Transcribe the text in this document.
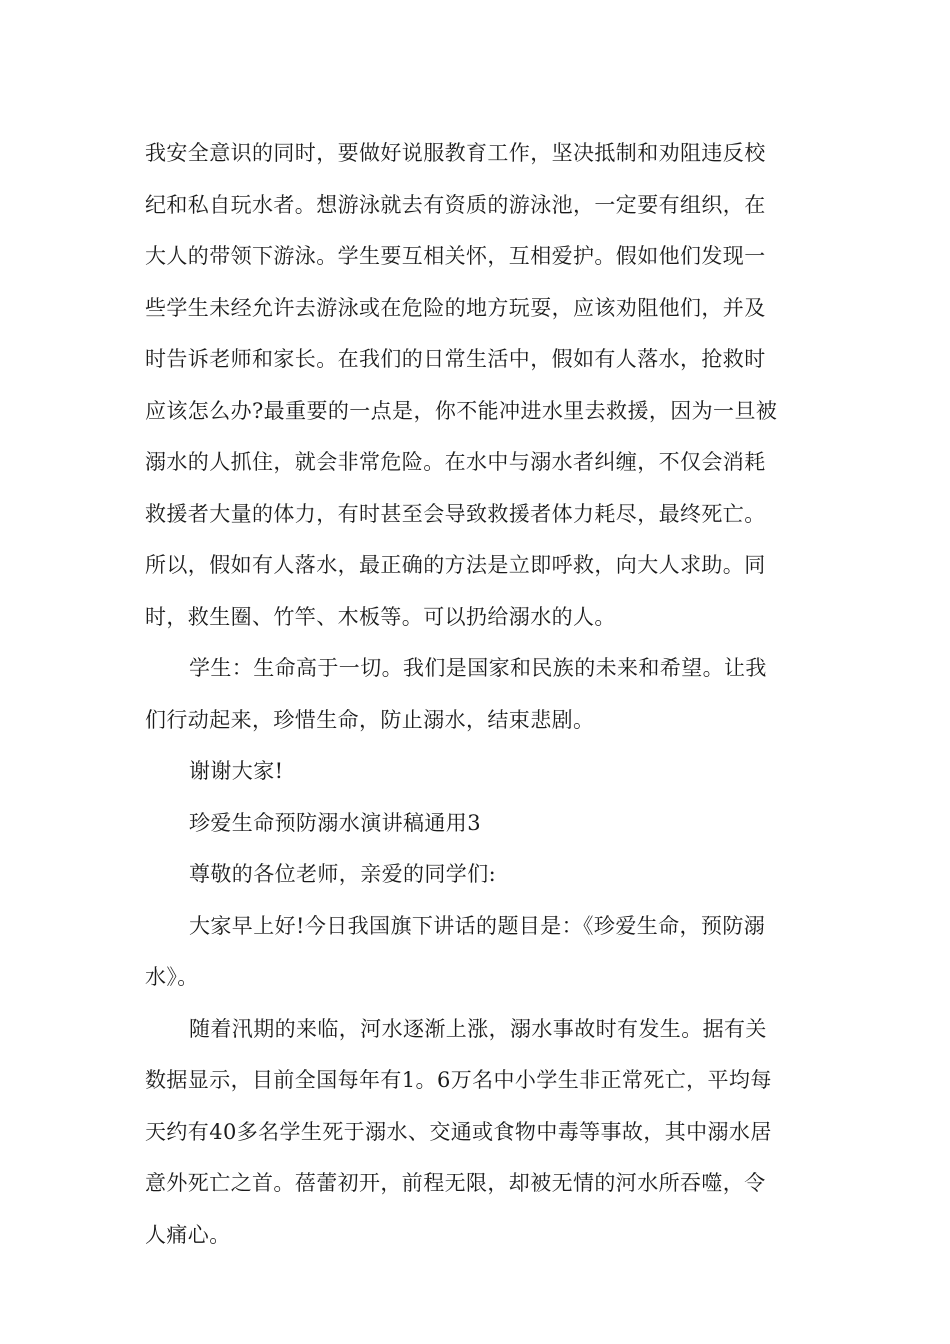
我安全意识的同时，要做好说服教育工作，坚决抵制和劝阻违反校
纪和私自玩水者。想游泳就去有资质的游泳池，一定要有组织，在
大人的带领下游泳。学生要互相关怀，互相爱护。假如他们发现一
些学生未经允许去游泳或在危险的地方玩耍，应该劝阻他们，并及
时告诉老师和家长。在我们的日常生活中，假如有人落水，抢救时
应该怎么办?最重要的一点是，你不能冲进水里去救援，因为一旦被
溺水的人抓住，就会非常危险。在水中与溺水者纠缠，不仅会消耗
救援者大量的体力，有时甚至会导致救援者体力耗尽，最终死亡。
所以，假如有人落水，最正确的方法是立即呼救，向大人求助。同
时，救生圈、竹竿、木板等。可以扔给溺水的人。
学生：生命高于一切。我们是国家和民族的未来和希望。让我
们行动起来，珍惜生命，防止溺水，结束悲剧。
谢谢大家!
珍爱生命预防溺水演讲稿通用3
尊敬的各位老师，亲爱的同学们:
大家早上好!今日我国旗下讲话的题目是：《珍爱生命，预防溺
水》。
随着汛期的来临，河水逐渐上涨，溺水事故时有发生。据有关
数据显示，目前全国每年有1。6万名中小学生非正常死亡，平均每
天约有40多名学生死于溺水、交通或食物中毒等事故，其中溺水居
意外死亡之首。蓓蕾初开，前程无限，却被无情的河水所吞噬，令
人痛心。
